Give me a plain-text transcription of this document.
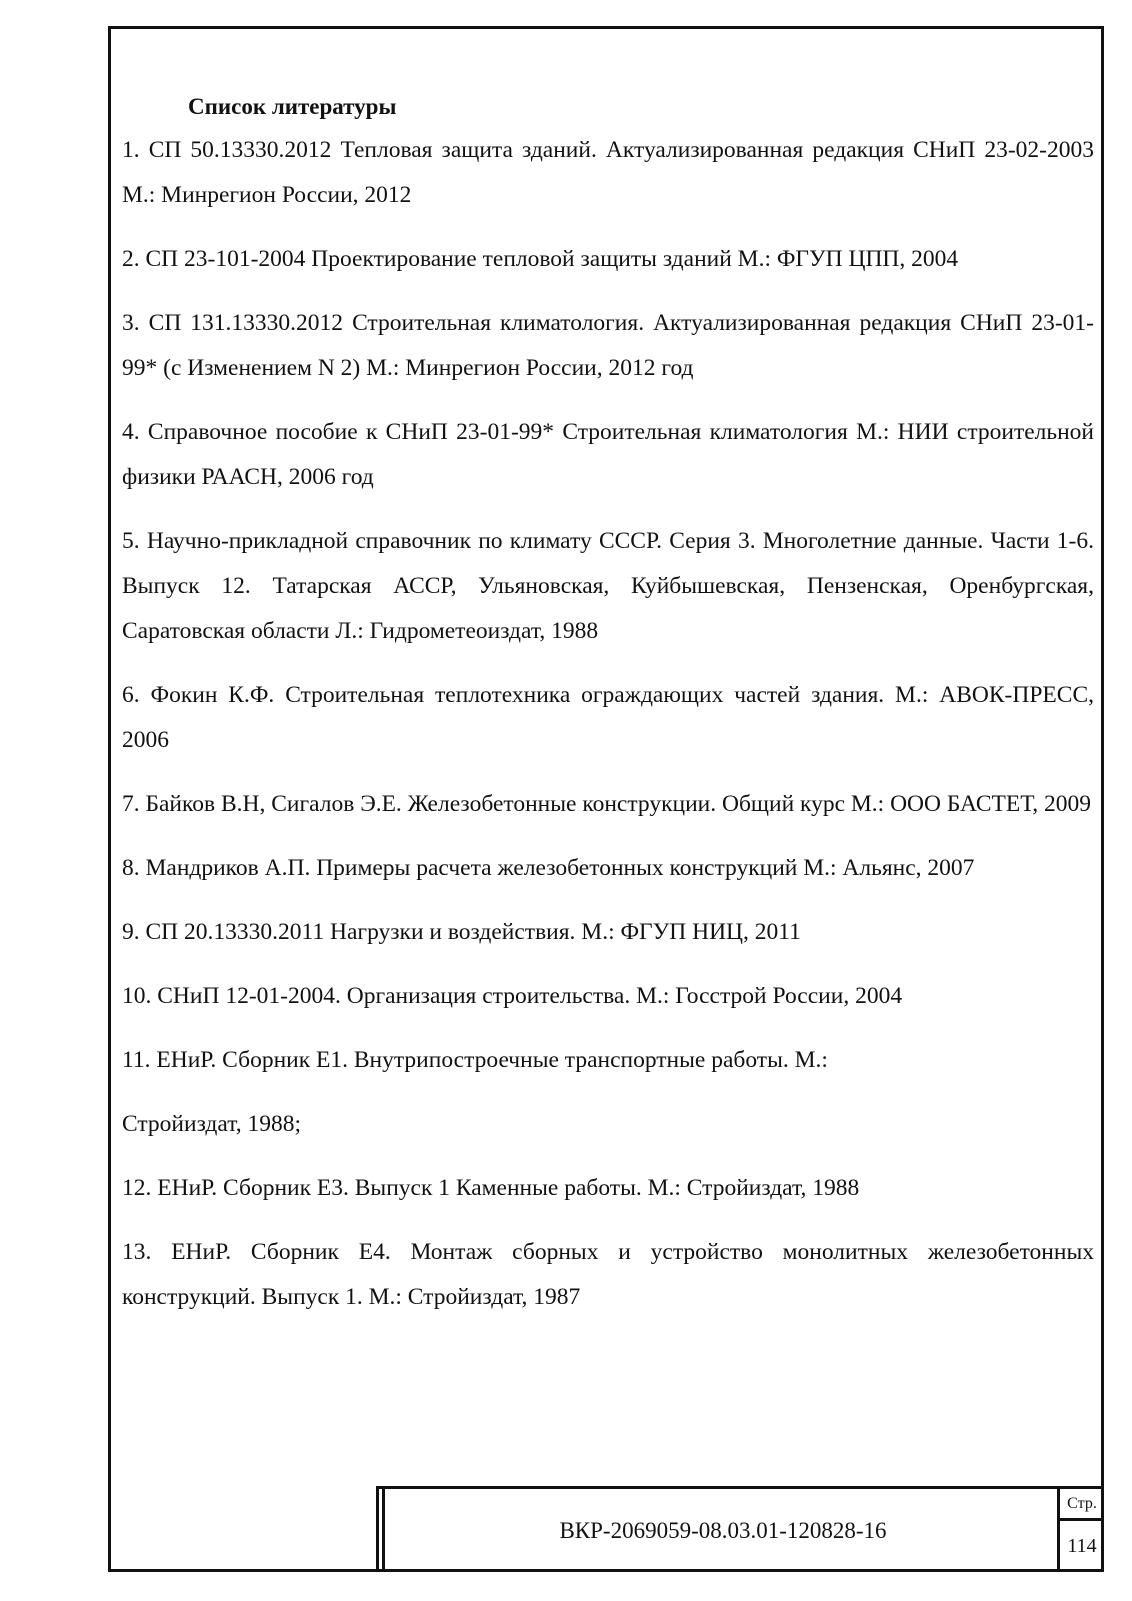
Список литературы
1. СП 50.13330.2012 Тепловая защита зданий. Актуализированная редакция СНиП 23-02-2003 М.: Минрегион России, 2012
2. СП 23-101-2004 Проектирование тепловой защиты зданий М.: ФГУП ЦПП, 2004
3. СП 131.13330.2012 Строительная климатология. Актуализированная редакция СНиП 23-01-99* (с Изменением N 2) М.: Минрегион России, 2012 год
4. Справочное пособие к СНиП 23-01-99* Строительная климатология М.: НИИ строительной физики РААСН, 2006 год
5. Научно-прикладной справочник по климату СССР. Серия 3. Многолетние данные. Части 1-6. Выпуск 12. Татарская АССР, Ульяновская, Куйбышевская, Пензенская, Оренбургская, Саратовская области Л.: Гидрометеоиздат, 1988
6. Фокин К.Ф. Строительная теплотехника ограждающих частей здания. М.: АВОК-ПРЕСС, 2006
7. Байков В.Н, Сигалов Э.Е. Железобетонные конструкции. Общий курс М.: ООО БАСТЕТ, 2009
8. Мандриков А.П. Примеры расчета железобетонных конструкций М.: Альянс, 2007
9. СП 20.13330.2011 Нагрузки и воздействия. М.: ФГУП НИЦ, 2011
10. СНиП 12-01-2004. Организация строительства. М.: Госстрой России, 2004
11. ЕНиР. Сборник Е1. Внутрипостроечные транспортные работы. М.:
Стройиздат, 1988;
12. ЕНиР. Сборник Е3. Выпуск 1 Каменные работы. М.: Стройиздат, 1988
13. ЕНиР. Сборник Е4. Монтаж сборных и устройство монолитных железобетонных конструкций. Выпуск 1. М.: Стройиздат, 1987
ВКР-2069059-08.03.01-120828-16
Стр.
114
